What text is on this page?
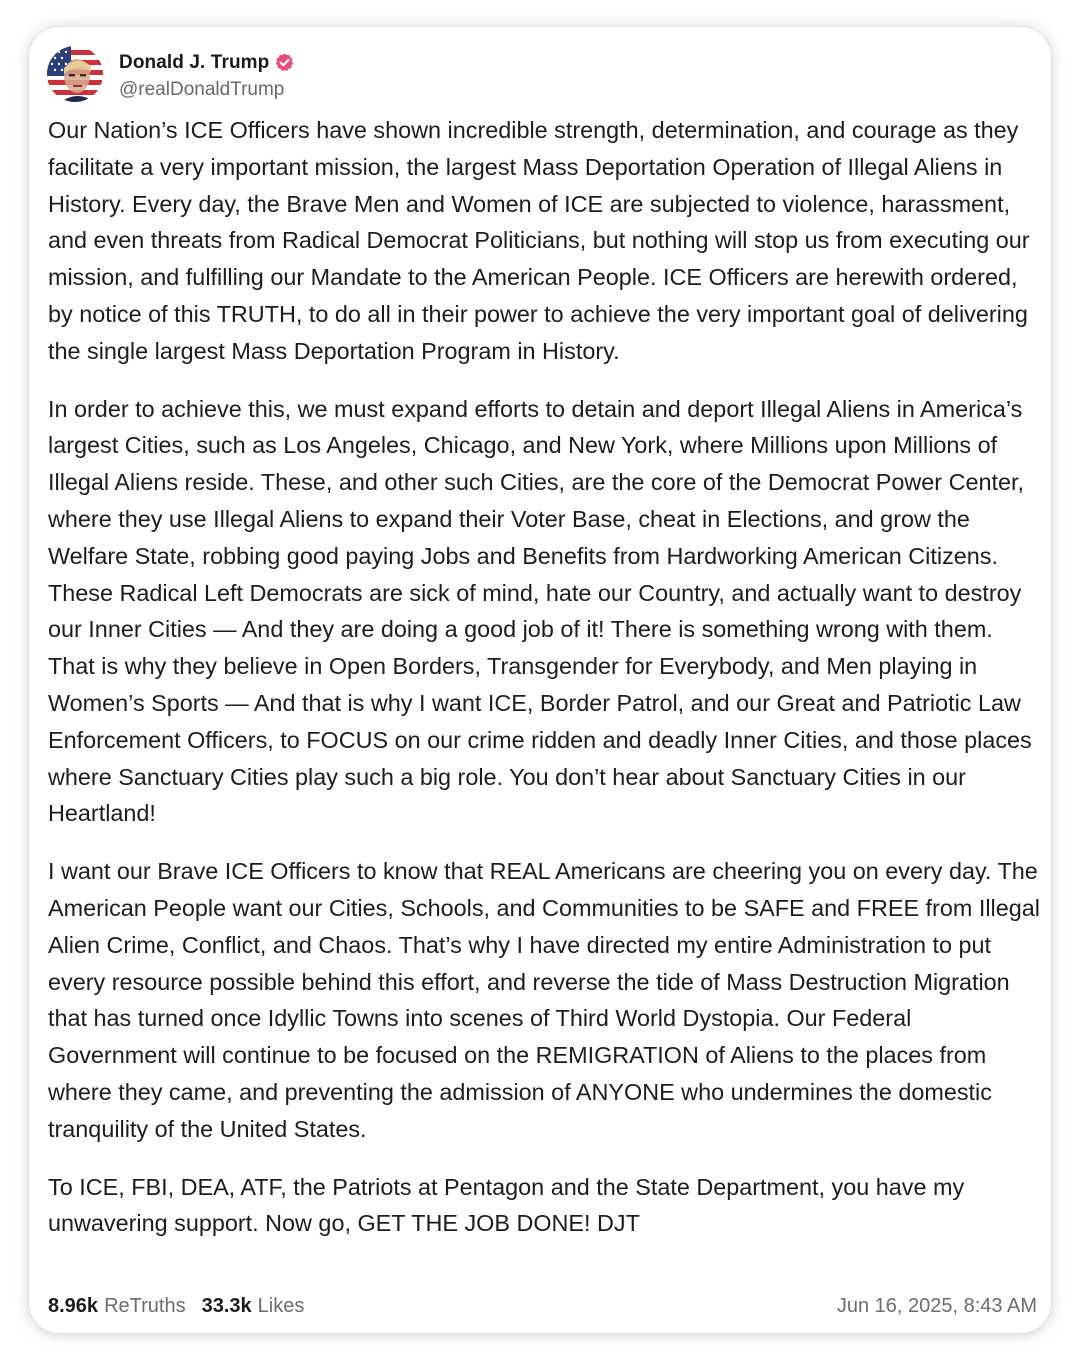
Donald J. Trump
@realDonaldTrump

Our Nation’s ICE Officers have shown incredible strength, determination, and courage as they facilitate a very important mission, the largest Mass Deportation Operation of Illegal Aliens in History. Every day, the Brave Men and Women of ICE are subjected to violence, harassment, and even threats from Radical Democrat Politicians, but nothing will stop us from executing our mission, and fulfilling our Mandate to the American People. ICE Officers are herewith ordered, by notice of this TRUTH, to do all in their power to achieve the very important goal of delivering the single largest Mass Deportation Program in History.

In order to achieve this, we must expand efforts to detain and deport Illegal Aliens in America’s largest Cities, such as Los Angeles, Chicago, and New York, where Millions upon Millions of Illegal Aliens reside. These, and other such Cities, are the core of the Democrat Power Center, where they use Illegal Aliens to expand their Voter Base, cheat in Elections, and grow the Welfare State, robbing good paying Jobs and Benefits from Hardworking American Citizens. These Radical Left Democrats are sick of mind, hate our Country, and actually want to destroy our Inner Cities — And they are doing a good job of it! There is something wrong with them. That is why they believe in Open Borders, Transgender for Everybody, and Men playing in Women’s Sports — And that is why I want ICE, Border Patrol, and our Great and Patriotic Law Enforcement Officers, to FOCUS on our crime ridden and deadly Inner Cities, and those places where Sanctuary Cities play such a big role. You don’t hear about Sanctuary Cities in our Heartland!

I want our Brave ICE Officers to know that REAL Americans are cheering you on every day. The American People want our Cities, Schools, and Communities to be SAFE and FREE from Illegal Alien Crime, Conflict, and Chaos. That’s why I have directed my entire Administration to put every resource possible behind this effort, and reverse the tide of Mass Destruction Migration that has turned once Idyllic Towns into scenes of Third World Dystopia. Our Federal Government will continue to be focused on the REMIGRATION of Aliens to the places from where they came, and preventing the admission of ANYONE who undermines the domestic tranquility of the United States.

To ICE, FBI, DEA, ATF, the Patriots at Pentagon and the State Department, you have my unwavering support. Now go, GET THE JOB DONE! DJT

8.96k ReTruths 33.3k Likes	Jun 16, 2025, 8:43 AM
